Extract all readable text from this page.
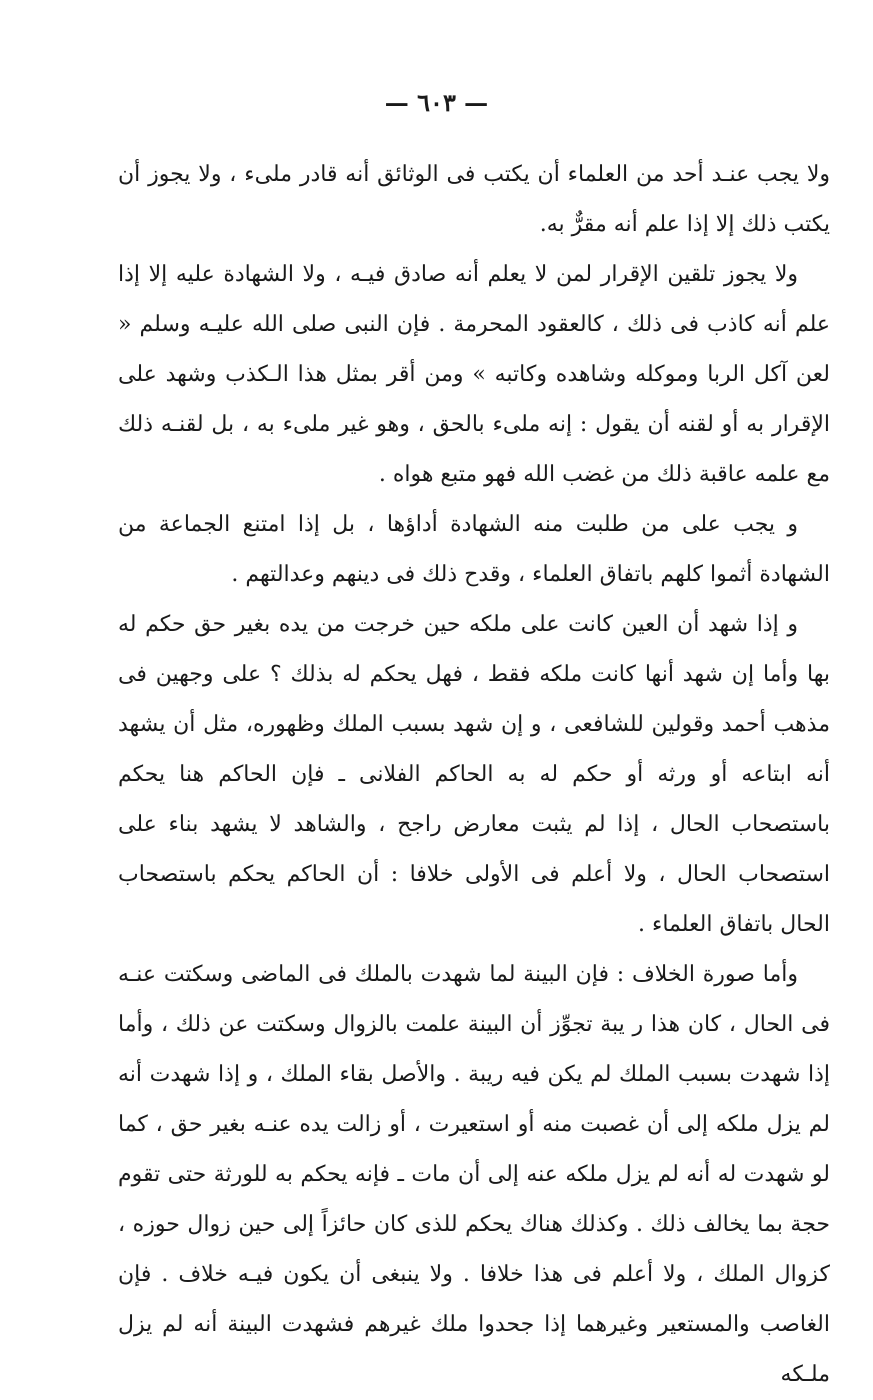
— ٦٠٣ —

ولا يجب عنـد أحد من العلماء أن يكتب فى الوثائق أنه قادر ملىء ، ولا يجوز أن يكتب ذلك إلا إذا علم أنه مقرٌّ به.

ولا يجوز تلقين الإقرار لمن لا يعلم أنه صادق فيـه ، ولا الشهادة عليه إلا إذا علم أنه كاذب فى ذلك ، كالعقود المحرمة . فإن النبى صلى الله عليـه وسلم « لعن آكل الربا وموكله وشاهده وكاتبه » ومن أقر بمثل هذا الـكذب وشهد على الإقرار به أو لقنه أن يقول : إنه ملىء بالحق ، وهو غير ملىء به ، بل لقنـه ذلك مع علمه عاقبة ذلك من غضب الله فهو متبع هواه .

و يجب على من طلبت منه الشهادة أداؤها ، بل إذا امتنع الجماعة من الشهادة أثموا كلهم باتفاق العلماء ، وقدح ذلك فى دينهم وعدالتهم .

و إذا شهد أن العين كانت على ملكه حين خرجت من يده بغير حق حكم له بها وأما إن شهد أنها كانت ملكه فقط ، فهل يحكم له بذلك ؟ على وجهين فى مذهب أحمد وقولين للشافعى ، و إن شهد بسبب الملك وظهوره، مثل أن يشهد أنه ابتاعه أو ورثه أو حكم له به الحاكم الفلانى ـ فإن الحاكم هنا يحكم باستصحاب الحال ، إذا لم يثبت معارض راجح ، والشاهد لا يشهد بناء على استصحاب الحال ، ولا أعلم فى الأولى خلافا : أن الحاكم يحكم باستصحاب الحال باتفاق العلماء .

وأما صورة الخلاف : فإن البينة لما شهدت بالملك فى الماضى وسكتت عنـه فى الحال ، كان هذا ر يبة تجوِّز أن البينة علمت بالزوال وسكتت عن ذلك ، وأما إذا شهدت بسبب الملك لم يكن فيه ريبة . والأصل بقاء الملك ، و إذا شهدت أنه لم يزل ملكه إلى أن غصبت منه أو استعيرت ، أو زالت يده عنـه بغير حق ، كما لو شهدت له أنه لم يزل ملكه عنه إلى أن مات ـ فإنه يحكم به للورثة حتى تقوم حجة بما يخالف ذلك . وكذلك هناك يحكم للذى كان حائزاً إلى حين زوال حوزه ، كزوال الملك ، ولا أعلم فى هذا خلافا . ولا ينبغى أن يكون فيـه خلاف . فإن الغاصب والمستعير وغيرهما إذا جحدوا ملك غيرهم فشهدت البينة أنه لم يزل ملـكه
